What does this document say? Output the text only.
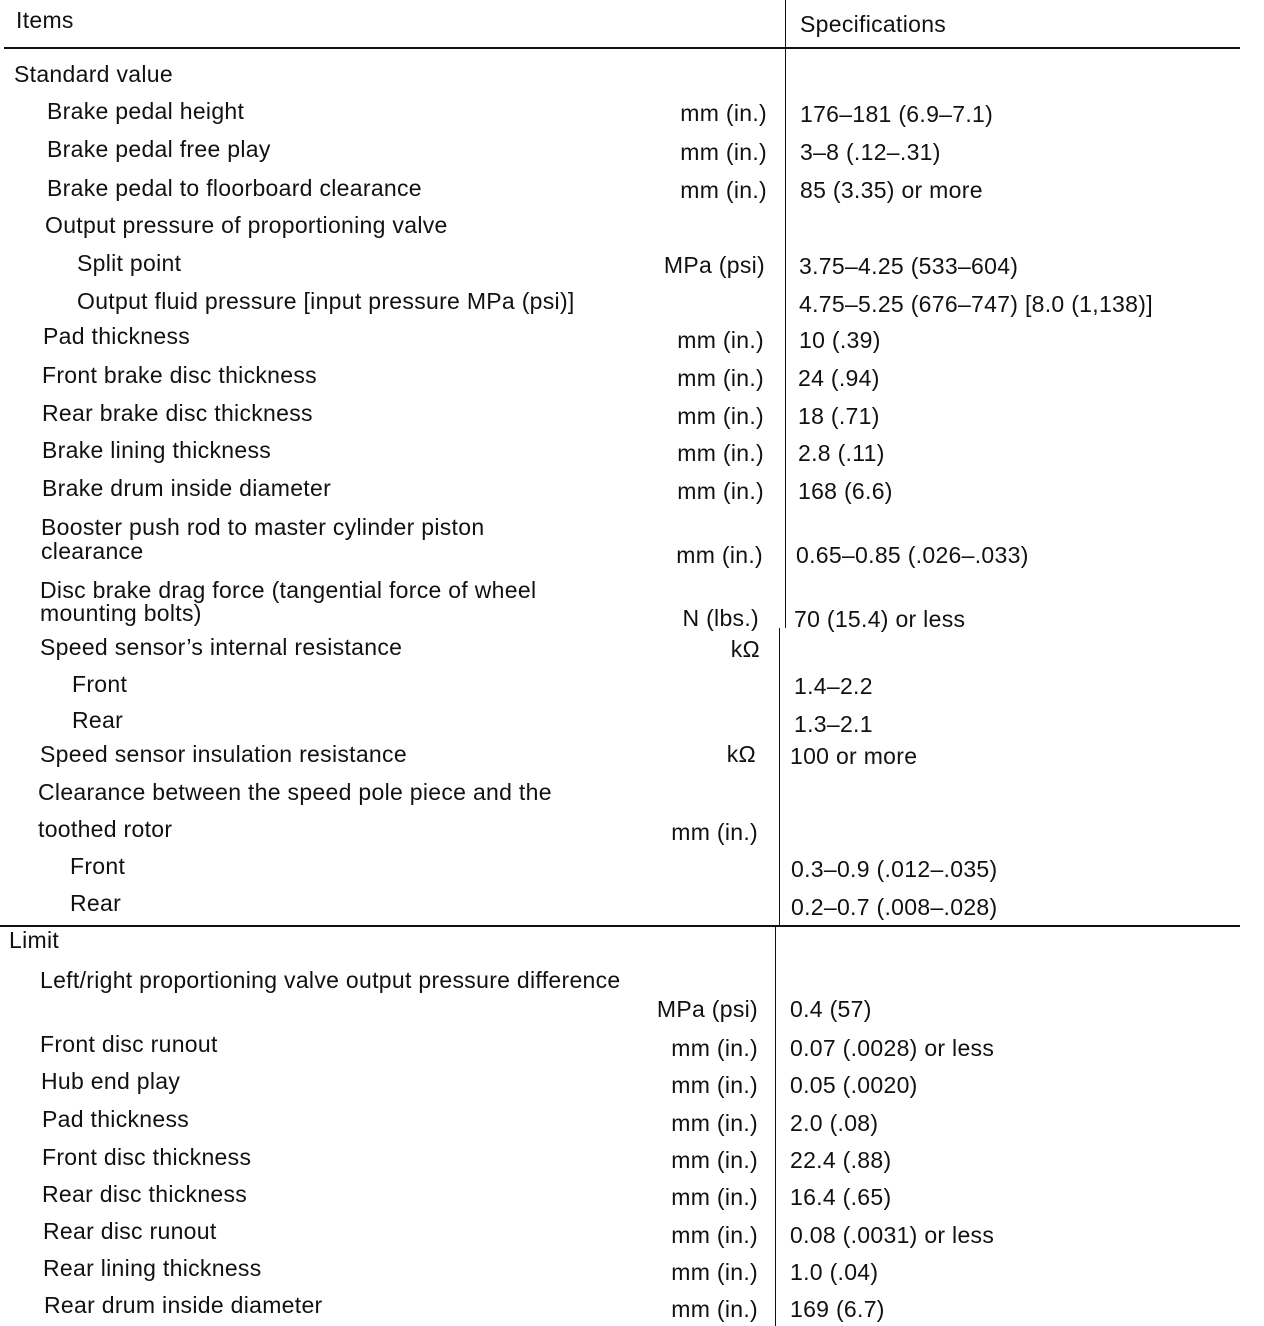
Items	Specifications
Standard value
Brake pedal height	mm (in.) 176–181 (6.9–7.1)
Brake pedal free play	mm (in.) 3–8 (.12–.31)
Brake pedal to floorboard clearance	mm (in.) 85 (3.35) or more
Output pressure of proportioning valve
Split point	MPa (psi) 3.75–4.25 (533–604)
Output fluid pressure [input pressure MPa (psi)]	4.75–5.25 (676–747) [8.0 (1,138)]
Pad thickness	mm (in.) 10 (.39)
Front brake disc thickness	mm (in.) 24 (.94)
Rear brake disc thickness	mm (in.) 18 (.71)
Brake lining thickness	mm (in.) 2.8 (.11)
Brake drum inside diameter	mm (in.) 168 (6.6)
Booster push rod to master cylinder piston
clearance	mm (in.) 0.65–0.85 (.026–.033)
Disc brake drag force (tangential force of wheel
mounting bolts)	N (lbs.) 70 (15.4) or less
Speed sensor’s internal resistance	kΩ
Front	1.4–2.2
Rear	1.3–2.1
Speed sensor insulation resistance	kΩ 100 or more
Clearance between the speed pole piece and the
toothed rotor	mm (in.)
Front	0.3–0.9 (.012–.035)
Rear	0.2–0.7 (.008–.028)
Limit
Left/right proportioning valve output pressure difference
MPa (psi) 0.4 (57)
Front disc runout	mm (in.) 0.07 (.0028) or less
Hub end play	mm (in.) 0.05 (.0020)
Pad thickness	mm (in.) 2.0 (.08)
Front disc thickness	mm (in.) 22.4 (.88)
Rear disc thickness	mm (in.) 16.4 (.65)
Rear disc runout	mm (in.) 0.08 (.0031) or less
Rear lining thickness	mm (in.) 1.0 (.04)
Rear drum inside diameter	mm (in.) 169 (6.7)
